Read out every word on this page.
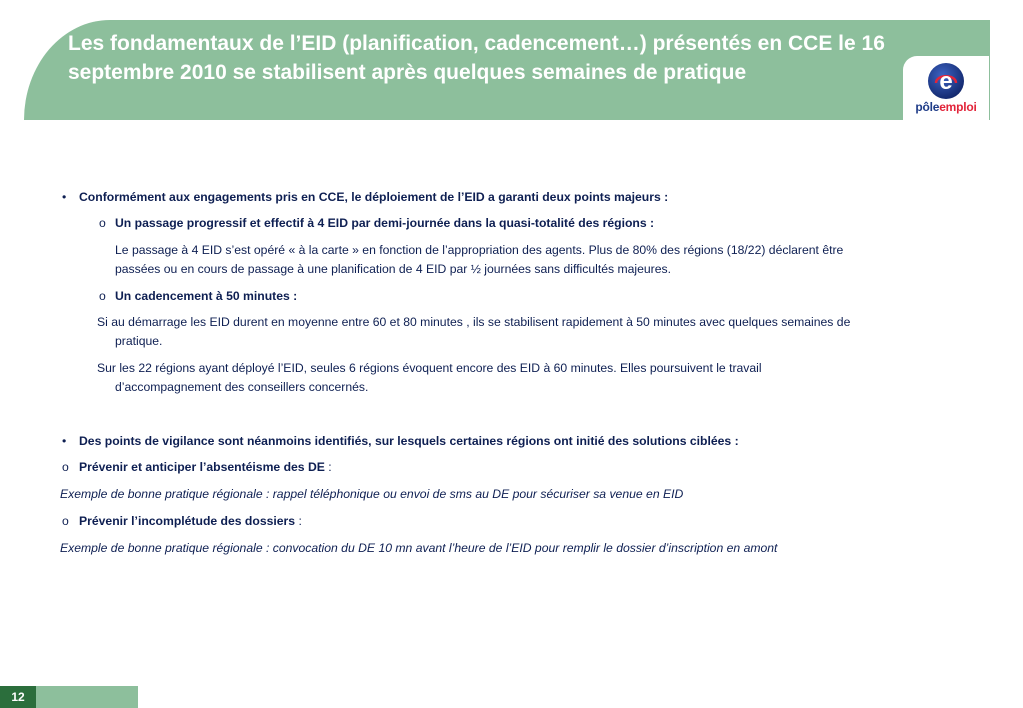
Les fondamentaux de l’EID (planification, cadencement…) présentés en CCE le 16 septembre 2010 se stabilisent après quelques semaines de pratique	e
pôleemploi
• Conformément aux engagements pris en CCE, le déploiement de l’EID a garanti deux points majeurs :

o Un passage progressif et effectif à 4 EID par demi-journée dans la quasi-totalité des régions :

Le passage à 4 EID s’est opéré « à la carte » en fonction de l’appropriation des agents. Plus de 80% des régions (18/22) déclarent être

passées ou en cours de passage à une planification de 4 EID par ½ journées sans difficultés majeures.

o Un cadencement à 50 minutes :

Si au démarrage les EID durent en moyenne entre 60 et 80 minutes , ils se stabilisent rapidement à 50 minutes avec quelques semaines de

pratique.

Sur les 22 régions ayant déployé l’EID, seules 6 régions évoquent encore des EID à 60 minutes. Elles poursuivent le travail

d’accompagnement des conseillers concernés.

• Des points de vigilance sont néanmoins identifiés, sur lesquels certaines régions ont initié des solutions ciblées :

o Prévenir et anticiper l’absentéisme des DE :

Exemple de bonne pratique régionale : rappel téléphonique ou envoi de sms au DE pour sécuriser sa venue en EID

o Prévenir l’incomplétude des dossiers :

Exemple de bonne pratique régionale : convocation du DE 10 mn avant l’heure de l’EID pour remplir le dossier d’inscription en amont

12
